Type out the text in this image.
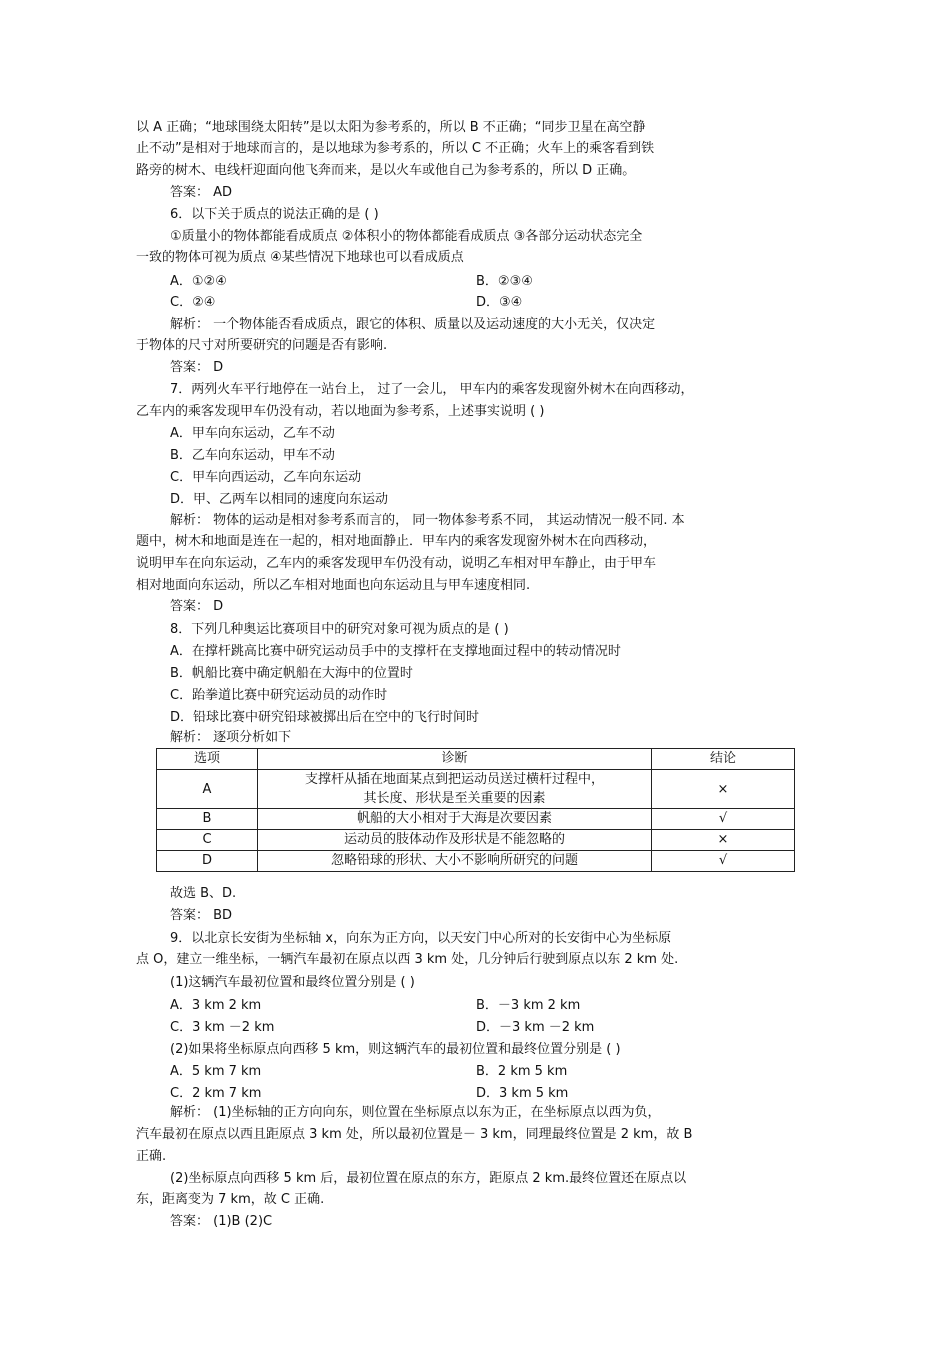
以 A 正确；“地球围绕太阳转”是以太阳为参考系的，所以 B 不正确；“同步卫星在高空静
止不动”是相对于地球而言的，是以地球为参考系的，所以 C 不正确；火车上的乘客看到铁
路旁的树木、电线杆迎面向他飞奔而来，是以火车或他自己为参考系的，所以 D 正确。
答案： AD
6．以下关于质点的说法正确的是 ( )
①质量小的物体都能看成质点 ②体积小的物体都能看成质点 ③各部分运动状态完全
一致的物体可视为质点 ④某些情况下地球也可以看成质点
A．①②④	B．②③④
C．②④	D．③④
解析： 一个物体能否看成质点，跟它的体积、质量以及运动速度的大小无关，仅决定
于物体的尺寸对所要研究的问题是否有影响.
答案： D
7．两列火车平行地停在一站台上， 过了一会儿， 甲车内的乘客发现窗外树木在向西移动，
乙车内的乘客发现甲车仍没有动，若以地面为参考系，上述事实说明 ( )
A．甲车向东运动，乙车不动
B．乙车向东运动，甲车不动
C．甲车向西运动，乙车向东运动
D．甲、乙两车以相同的速度向东运动
解析： 物体的运动是相对参考系而言的， 同一物体参考系不同， 其运动情况一般不同. 本
题中，树木和地面是连在一起的，相对地面静止．甲车内的乘客发现窗外树木在向西移动，
说明甲车在向东运动，乙车内的乘客发现甲车仍没有动，说明乙车相对甲车静止，由于甲车
相对地面向东运动，所以乙车相对地面也向东运动且与甲车速度相同.
答案： D
8．下列几种奥运比赛项目中的研究对象可视为质点的是 ( )
A．在撑杆跳高比赛中研究运动员手中的支撑杆在支撑地面过程中的转动情况时
B．帆船比赛中确定帆船在大海中的位置时
C．跆拳道比赛中研究运动员的动作时
D．铅球比赛中研究铅球被掷出后在空中的飞行时间时
解析： 逐项分析如下
选项	诊断	结论
A	支撑杆从插在地面某点到把运动员送过横杆过程中，
其长度、形状是至关重要的因素	×
B	帆船的大小相对于大海是次要因素	√
C	运动员的肢体动作及形状是不能忽略的	×
D	忽略铅球的形状、大小不影响所研究的问题	√
故选 B、D.
答案： BD
9．以北京长安街为坐标轴 x，向东为正方向，以天安门中心所对的长安街中心为坐标原
点 O，建立一维坐标，一辆汽车最初在原点以西 3 km 处，几分钟后行驶到原点以东 2 km 处.
(1)这辆汽车最初位置和最终位置分别是 ( )
A．3 km 2 km	B．－3 km 2 km
C．3 km －2 km	D．－3 km －2 km
(2)如果将坐标原点向西移 5 km，则这辆汽车的最初位置和最终位置分别是 ( )
A．5 km 7 km	B．2 km 5 km
C．2 km 7 km	D．3 km 5 km
解析： (1)坐标轴的正方向向东，则位置在坐标原点以东为正，在坐标原点以西为负，
汽车最初在原点以西且距原点 3 km 处，所以最初位置是－ 3 km，同理最终位置是 2 km，故 B
正确.
(2)坐标原点向西移 5 km 后，最初位置在原点的东方，距原点 2 km.最终位置还在原点以
东，距离变为 7 km，故 C 正确.
答案： (1)B (2)C
